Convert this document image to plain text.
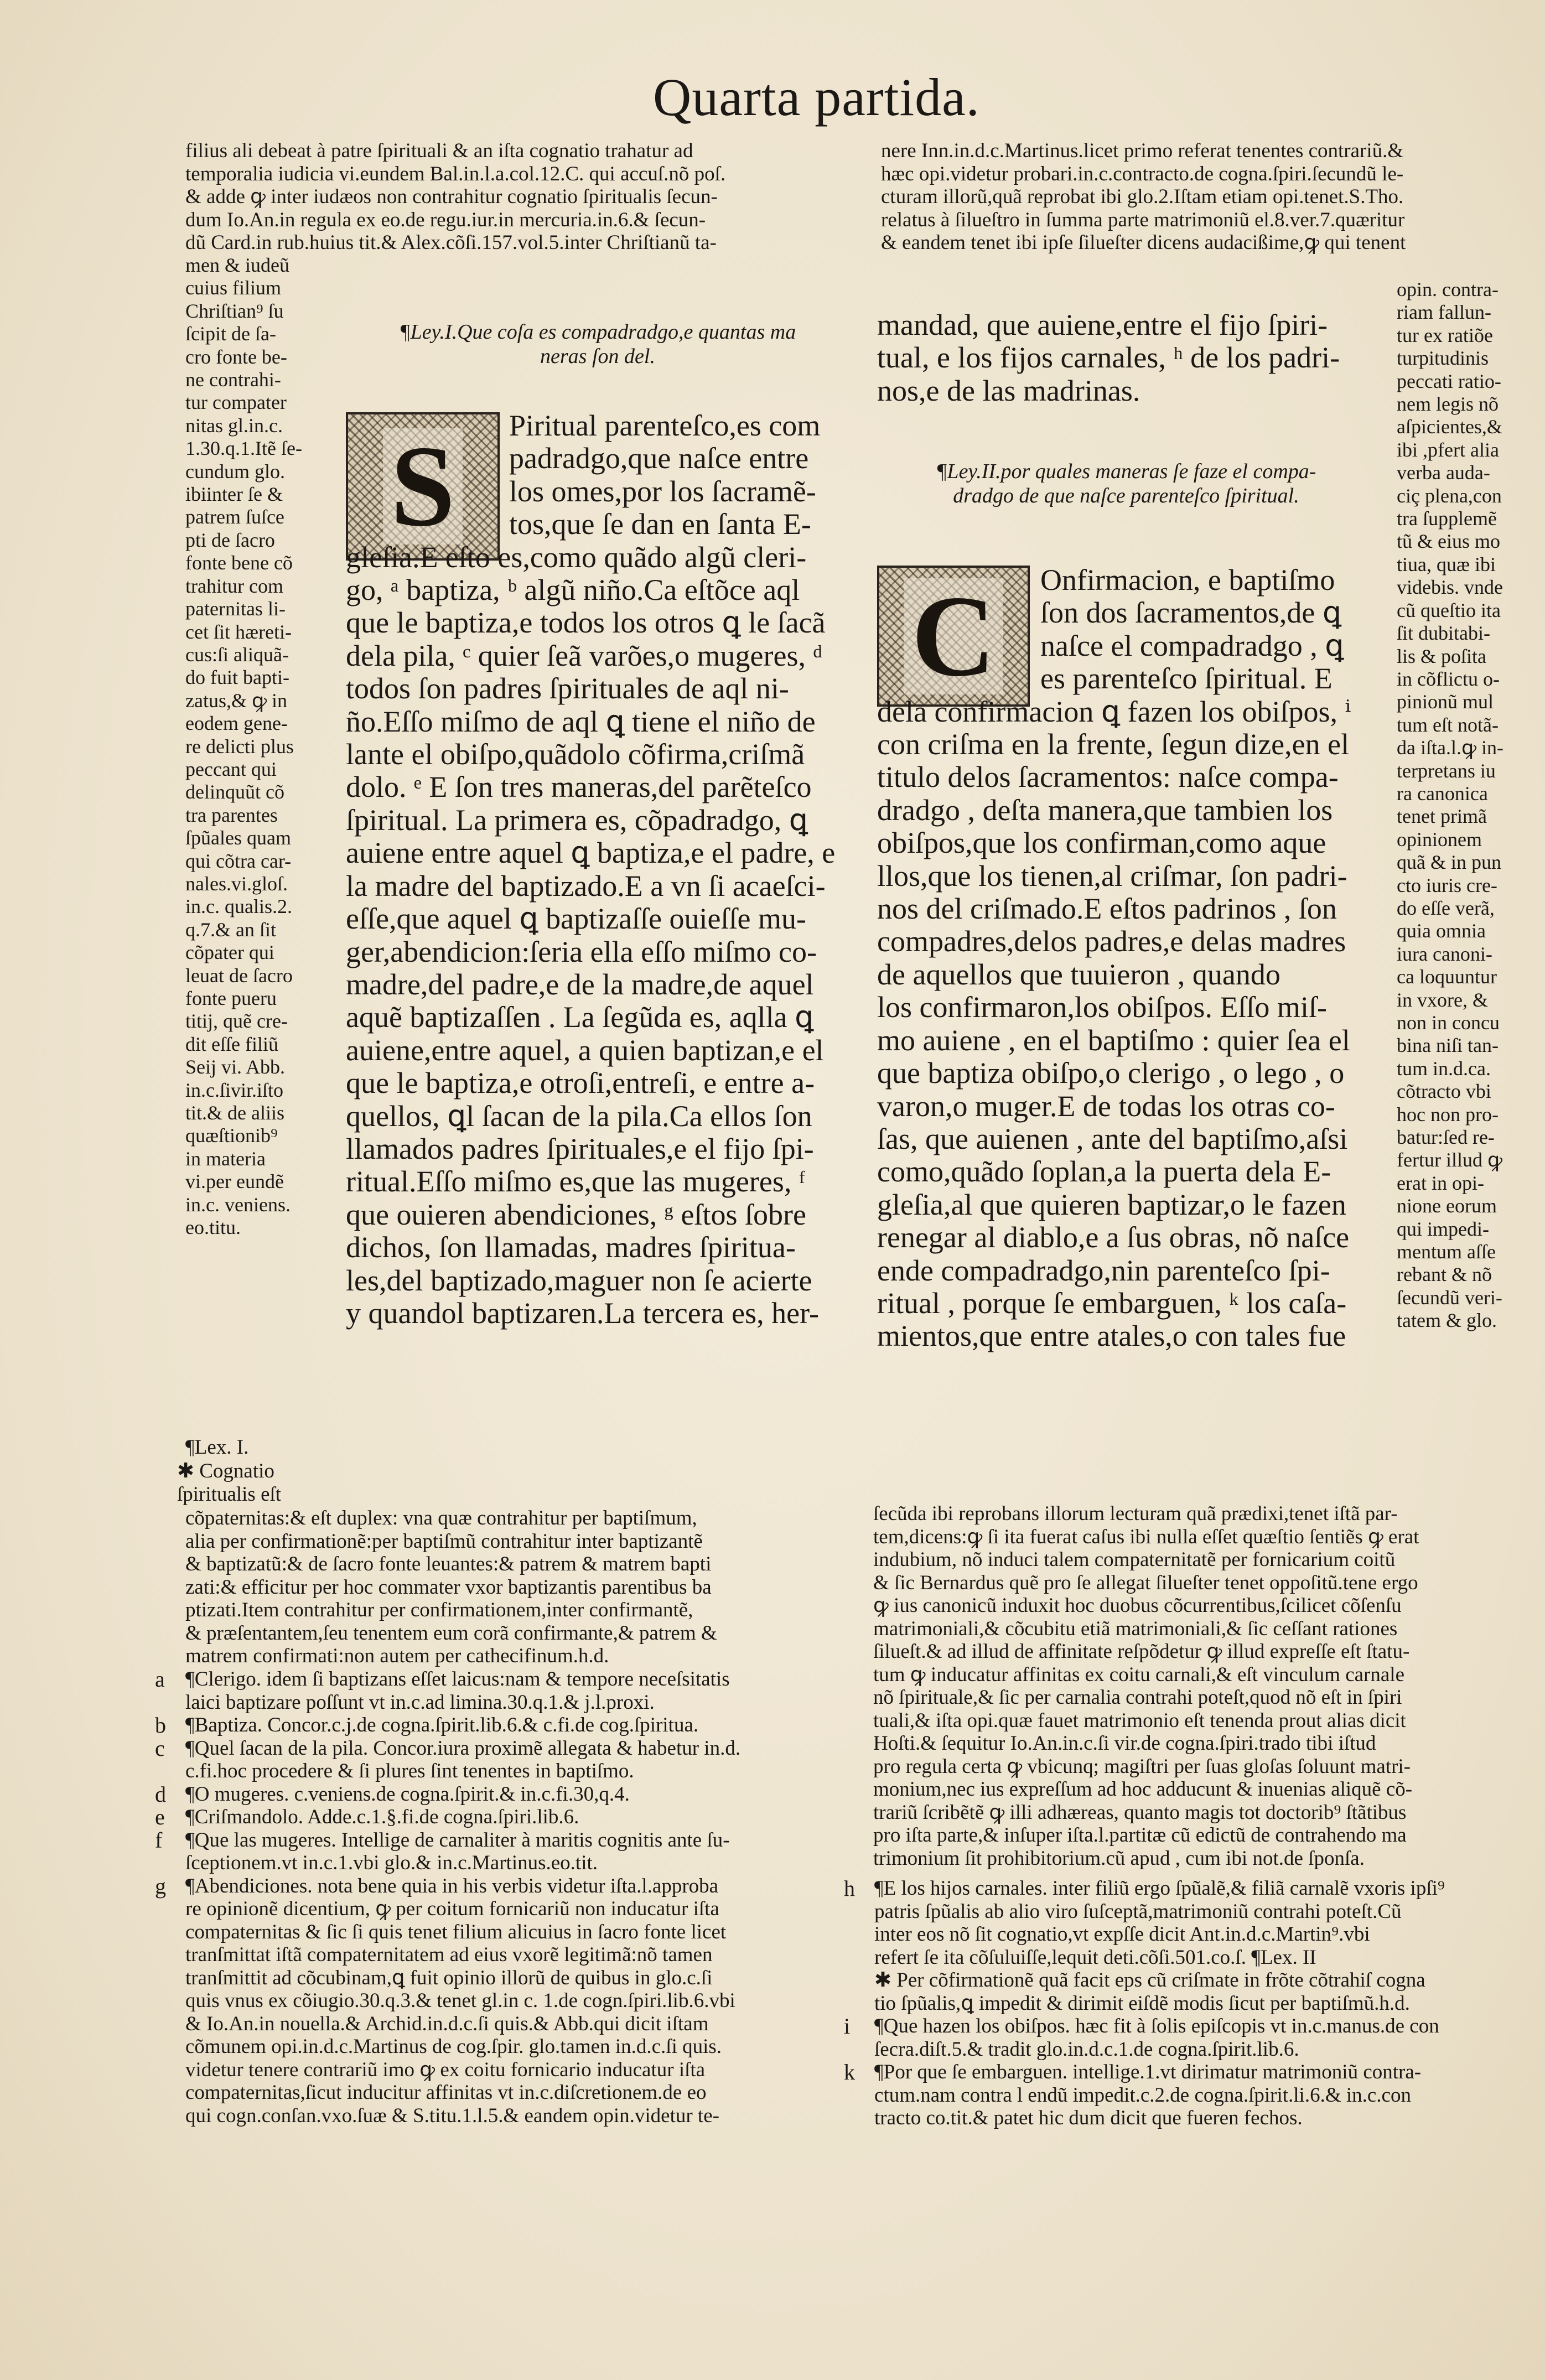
Quarta partida.
filius ali debeat à patre ſpirituali & an iſta cognatio trahatur ad
temporalia iudicia vi.eundem Bal.in.l.a.col.12.C. qui accuſ.nõ poſ.
& adde ꝙ inter iudæos non contrahitur cognatio ſpiritualis ſecun-
dum Io.An.in regula ex eo.de regu.iur.in mercuria.in.6.& ſecun-
dũ Card.in rub.huius tit.& Alex.cõſi.157.vol.5.inter Chriſtianũ ta-
nere Inn.in.d.c.Martinus.licet primo referat tenentes contrariũ.&
hæc opi.videtur probari.in.c.contracto.de cogna.ſpiri.ſecundũ le-
cturam illorũ,quã reprobat ibi glo.2.Iſtam etiam opi.tenet.S.Tho.
relatus à ſilueſtro in ſumma parte matrimoniũ el.8.ver.7.quæritur
& eandem tenet ibi ipſe ſilueſter dicens audacißime,ꝙ qui tenent
men & iudeũ
cuius filium
Chriſtian⁹ ſu
ſcipit de ſa-
cro fonte be-
ne contrahi-
tur compater
nitas gl.in.c.
1.30.q.1.Itẽ ſe-
cundum glo.
ibiinter ſe &
patrem ſuſce
pti de ſacro
fonte bene cõ
trahitur com
paternitas li-
cet ſit hæreti-
cus:ſi aliquã-
do fuit bapti-
zatus,& ꝙ in
eodem gene-
re delicti plus
peccant qui
delinquũt cõ
tra parentes
ſpũales quam
qui cõtra car-
nales.vi.gloſ.
in.c. qualis.2.
q.7.& an ſit
cõpater qui
leuat de ſacro
fonte pueru
titij, quẽ cre-
dit eſſe filiũ
Seij vi. Abb.
in.c.ſivir.iſto
tit.& de aliis
quæſtionib⁹
in materia
vi.per eundẽ
in.c. veniens.
eo.titu.
¶Lex. I.
✱ Cognatio
ſpiritualis eſt
opin. contra-
riam fallun-
tur ex ratiõe
turpitudinis
peccati ratio-
nem legis nõ
aſpicientes,&
ibi ,pfert alia
verba auda-
ciç plena,con
tra ſupplemẽ
tũ & eius mo
tiua, quæ ibi
videbis. vnde
cũ queſtio ita
ſit dubitabi-
lis & poſita
in cõflictu o-
pinionũ mul
tum eſt notã-
da iſta.l.ꝙ in-
terpretans iu
ra canonica
tenet primã
opinionem
quã & in pun
cto iuris cre-
do eſſe verã,
quia omnia
iura canoni-
ca loquuntur
in vxore, &
non in concu
bina niſi tan-
tum in.d.ca.
cõtracto vbi
hoc non pro-
batur:ſed re-
fertur illud ꝙ
erat in opi-
nione eorum
qui impedi-
mentum aſſe
rebant & nõ
ſecundũ veri-
tatem & glo.
¶Ley.I.Que coſa es compadradgo,e quantas ma
neras ſon del.
S	Piritual parenteſco,es com
padradgo,que naſce entre
los omes,por los ſacramẽ-
tos,que ſe dan en ſanta E-
gleſia.E eſto es,como quãdo algũ cleri-
go, ᵃ baptiza, ᵇ algũ niño.Ca eſtõce aql
que le baptiza,e todos los otros ꝗ le ſacã
dela pila, ᶜ quier ſeã varões,o mugeres, ᵈ
todos ſon padres ſpirituales de aql ni-
ño.Eſſo miſmo de aql ꝗ tiene el niño de
lante el obiſpo,quãdolo cõfirma,criſmã
dolo. ᵉ E ſon tres maneras,del parẽteſco
ſpiritual. La primera es, cõpadradgo, ꝗ
auiene entre aquel ꝗ baptiza,e el padre, e
la madre del baptizado.E a vn ſi acaeſci-
eſſe,que aquel ꝗ baptizaſſe ouieſſe mu-
ger,abendicion:ſeria ella eſſo miſmo co-
madre,del padre,e de la madre,de aquel
aquẽ baptizaſſen . La ſegũda es, aqlla ꝗ
auiene,entre aquel, a quien baptizan,e el
que le baptiza,e otroſi,entreſi, e entre a-
quellos, ꝗl ſacan de la pila.Ca ellos ſon
llamados padres ſpirituales,e el fijo ſpi-
ritual.Eſſo miſmo es,que las mugeres, ᶠ
que ouieren abendiciones, ᵍ eſtos ſobre
dichos, ſon llamadas, madres ſpiritua-
les,del baptizado,maguer non ſe acierte
y quandol baptizaren.La tercera es, her-
mandad, que auiene,entre el fijo ſpiri-
tual, e los fijos carnales, ʰ de los padri-
nos,e de las madrinas.
¶Ley.II.por quales maneras ſe faze el compa-
dradgo de que naſce parenteſco ſpiritual.
C	Onfirmacion, e baptiſmo
ſon dos ſacramentos,de ꝗ
naſce el compadradgo , ꝗ
es parenteſco ſpiritual. E
dela confirmacion ꝗ fazen los obiſpos, ⁱ
con criſma en la frente, ſegun dize,en el
titulo delos ſacramentos: naſce compa-
dradgo , deſta manera,que tambien los
obiſpos,que los confirman,como aque
llos,que los tienen,al criſmar, ſon padri-
nos del criſmado.E eſtos padrinos , ſon
compadres,delos padres,e delas madres
de aquellos que tuuieron , quando
los confirmaron,los obiſpos. Eſſo miſ-
mo auiene , en el baptiſmo : quier ſea el
que baptiza obiſpo,o clerigo , o lego , o
varon,o muger.E de todas los otras co-
ſas, que auienen , ante del baptiſmo,aſsi
como,quãdo ſoplan,a la puerta dela E-
gleſia,al que quieren baptizar,o le fazen
renegar al diablo,e a ſus obras, nõ naſce
ende compadradgo,nin parenteſco ſpi-
ritual , porque ſe embarguen, ᵏ los caſa-
mientos,que entre atales,o con tales fue
cõpaternitas:& eſt duplex: vna quæ contrahitur per baptiſmum,
alia per confirmationẽ:per baptiſmũ contrahitur inter baptizantẽ
& baptizatũ:& de ſacro fonte leuantes:& patrem & matrem bapti
zati:& efficitur per hoc commater vxor baptizantis parentibus ba
ptizati.Item contrahitur per confirmationem,inter confirmantẽ,
& præſentantem,ſeu tenentem eum corã confirmante,& patrem &
matrem confirmati:non autem per cathecifinum.h.d.
a ¶Clerigo. idem ſi baptizans eſſet laicus:nam & tempore neceſsitatis
laici baptizare poſſunt vt in.c.ad limina.30.q.1.& j.l.proxi.
b ¶Baptiza. Concor.c.j.de cogna.ſpirit.lib.6.& c.fi.de cog.ſpiritua.
c ¶Quel ſacan de la pila. Concor.iura proximẽ allegata & habetur in.d.
c.fi.hoc procedere & ſi plures ſint tenentes in baptiſmo.
d ¶O mugeres. c.veniens.de cogna.ſpirit.& in.c.fi.30,q.4.
e ¶Criſmandolo. Adde.c.1.§.fi.de cogna.ſpiri.lib.6.
f ¶Que las mugeres. Intellige de carnaliter à maritis cognitis ante ſu-
ſceptionem.vt in.c.1.vbi glo.& in.c.Martinus.eo.tit.
g ¶Abendiciones. nota bene quia in his verbis videtur iſta.l.approba
re opinionẽ dicentium, ꝙ per coitum fornicariũ non inducatur iſta
compaternitas & ſic ſi quis tenet filium alicuius in ſacro fonte licet
tranſmittat iſtã compaternitatem ad eius vxorẽ legitimã:nõ tamen
tranſmittit ad cõcubinam,ꝗ fuit opinio illorũ de quibus in glo.c.ſi
quis vnus ex cõiugio.30.q.3.& tenet gl.in c. 1.de cogn.ſpiri.lib.6.vbi
& Io.An.in nouella.& Archid.in.d.c.ſi quis.& Abb.qui dicit iſtam
cõmunem opi.in.d.c.Martinus de cog.ſpir. glo.tamen in.d.c.ſi quis.
videtur tenere contrariũ imo ꝙ ex coitu fornicario inducatur iſta
compaternitas,ſicut inducitur affinitas vt in.c.diſcretionem.de eo
qui cogn.conſan.vxo.ſuæ & S.titu.1.l.5.& eandem opin.videtur te-
ſecũda ibi reprobans illorum lecturam quã prædixi,tenet iſtã par-
tem,dicens:ꝙ ſi ita fuerat caſus ibi nulla eſſet quæſtio ſentiẽs ꝙ erat
indubium, nõ induci talem compaternitatẽ per fornicarium coitũ
& ſic Bernardus quẽ pro ſe allegat ſilueſter tenet oppoſitũ.tene ergo
ꝙ ius canonicũ induxit hoc duobus cõcurrentibus,ſcilicet cõſenſu
matrimoniali,& cõcubitu etiã matrimoniali,& ſic ceſſant rationes
ſilueſt.& ad illud de affinitate reſpõdetur ꝙ illud expreſſe eſt ſtatu-
tum ꝙ inducatur affinitas ex coitu carnali,& eſt vinculum carnale
nõ ſpirituale,& ſic per carnalia contrahi poteſt,quod nõ eſt in ſpiri
tuali,& iſta opi.quæ fauet matrimonio eſt tenenda prout alias dicit
Hoſti.& ſequitur Io.An.in.c.ſi vir.de cogna.ſpiri.trado tibi iſtud
pro regula certa ꝙ vbicunq; magiſtri per ſuas gloſas ſoluunt matri-
monium,nec ius expreſſum ad hoc adducunt & inuenias aliquẽ cõ-
trariũ ſcribẽtẽ ꝙ illi adhæreas, quanto magis tot doctorib⁹ ſtãtibus
pro iſta parte,& inſuper iſta.l.partitæ cũ edictũ de contrahendo ma
trimonium ſit prohibitorium.cũ apud , cum ibi not.de ſponſa.
h ¶E los hijos carnales. inter filiũ ergo ſpũalẽ,& filiã carnalẽ vxoris ipſi⁹
patris ſpũalis ab alio viro ſuſceptã,matrimoniũ contrahi poteſt.Cũ
inter eos nõ ſit cognatio,vt expſſe dicit Ant.in.d.c.Martin⁹.vbi
refert ſe ita cõſuluiſſe,lequit deti.cõſi.501.co.ſ. ¶Lex. II
✱ Per cõfirmationẽ quã facit eps cũ criſmate in frõte cõtrahiſ cogna
tio ſpũalis,ꝗ impedit & dirimit eiſdẽ modis ſicut per baptiſmũ.h.d.
i ¶Que hazen los obiſpos. hæc fit à ſolis epiſcopis vt in.c.manus.de con
ſecra.diſt.5.& tradit glo.in.d.c.1.de cogna.ſpirit.lib.6.
k ¶Por que ſe embarguen. intellige.1.vt dirimatur matrimoniũ contra-
ctum.nam contra l endũ impedit.c.2.de cogna.ſpirit.li.6.& in.c.con
tracto co.tit.& patet hic dum dicit que fueren fechos.
